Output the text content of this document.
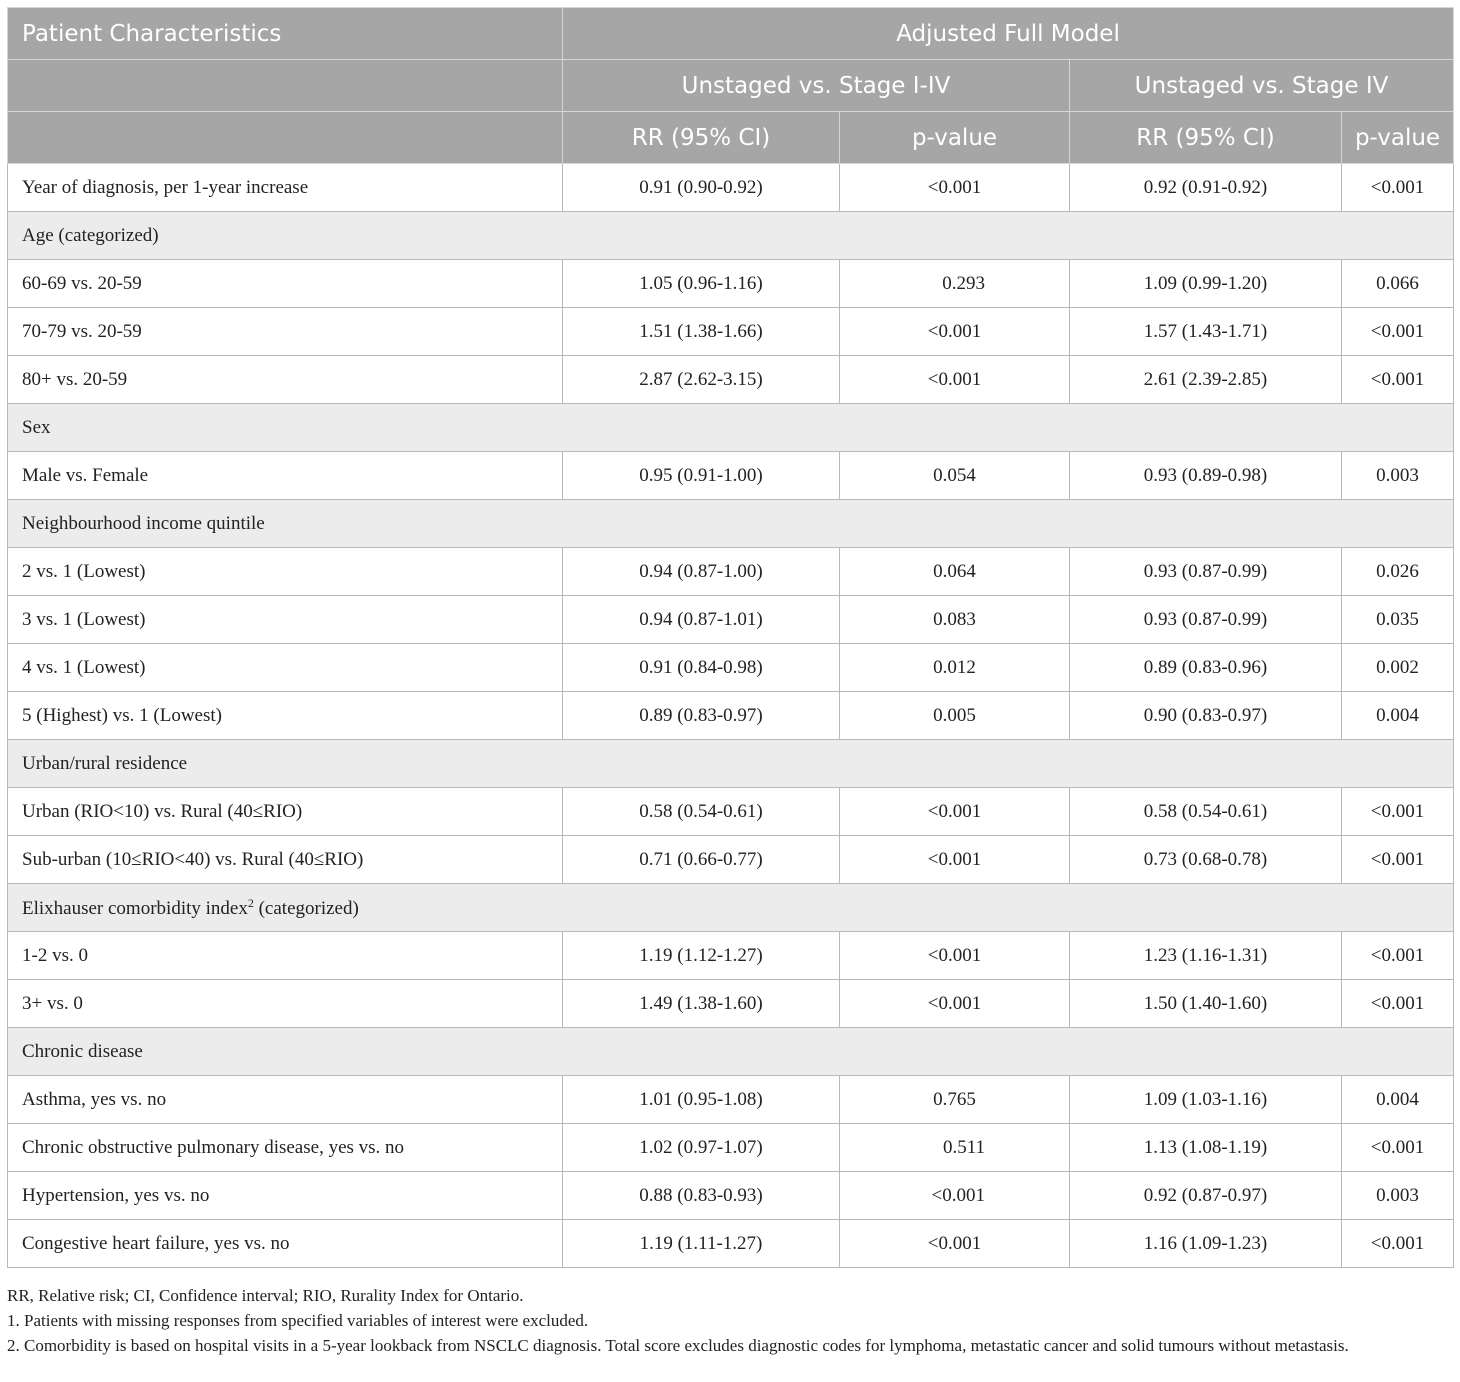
Patient Characteristics	Adjusted Full Model			
	Unstaged vs. Stage I-IV		Unstaged vs. Stage IV	
	RR (95% CI)	p-value	RR (95% CI)	p-value
Year of diagnosis, per 1-year increase	0.91 (0.90-0.92)	<0.001	0.92 (0.91-0.92)	<0.001
Age (categorized)				
60-69 vs. 20-59	1.05 (0.96-1.16)	0.293	1.09 (0.99-1.20)	0.066
70-79 vs. 20-59	1.51 (1.38-1.66)	<0.001	1.57 (1.43-1.71)	<0.001
80+ vs. 20-59	2.87 (2.62-3.15)	<0.001	2.61 (2.39-2.85)	<0.001
Sex				
Male vs. Female	0.95 (0.91-1.00)	0.054	0.93 (0.89-0.98)	0.003
Neighbourhood income quintile				
2 vs. 1 (Lowest)	0.94 (0.87-1.00)	0.064	0.93 (0.87-0.99)	0.026
3 vs. 1 (Lowest)	0.94 (0.87-1.01)	0.083	0.93 (0.87-0.99)	0.035
4 vs. 1 (Lowest)	0.91 (0.84-0.98)	0.012	0.89 (0.83-0.96)	0.002
5 (Highest) vs. 1 (Lowest)	0.89 (0.83-0.97)	0.005	0.90 (0.83-0.97)	0.004
Urban/rural residence				
Urban (RIO<10) vs. Rural (40≤RIO)	0.58 (0.54-0.61)	<0.001	0.58 (0.54-0.61)	<0.001
Sub-urban (10≤RIO<40) vs. Rural (40≤RIO)	0.71 (0.66-0.77)	<0.001	0.73 (0.68-0.78)	<0.001
Elixhauser comorbidity index$^2$ (categorized)				
1-2 vs. 0	1.19 (1.12-1.27)	<0.001	1.23 (1.16-1.31)	<0.001
3+ vs. 0	1.49 (1.38-1.60)	<0.001	1.50 (1.40-1.60)	<0.001
Chronic disease				
Asthma, yes vs. no	1.01 (0.95-1.08)	0.765	1.09 (1.03-1.16)	0.004
Chronic obstructive pulmonary disease, yes vs. no	1.02 (0.97-1.07)	0.511	1.13 (1.08-1.19)	<0.001
Hypertension, yes vs. no	0.88 (0.83-0.93)	<0.001	0.92 (0.87-0.97)	0.003
Congestive heart failure, yes vs. no	1.19 (1.11-1.27)	<0.001	1.16 (1.09-1.23)	<0.001

RR, Relative risk; CI, Confidence interval; RIO, Rurality Index for Ontario.

1. Patients with missing responses from specified variables of interest were excluded.

2. Comorbidity is based on hospital visits in a 5-year lookback from NSCLC diagnosis. Total score excludes diagnostic codes for lymphoma, metastatic cancer and solid tumours without metastasis.
